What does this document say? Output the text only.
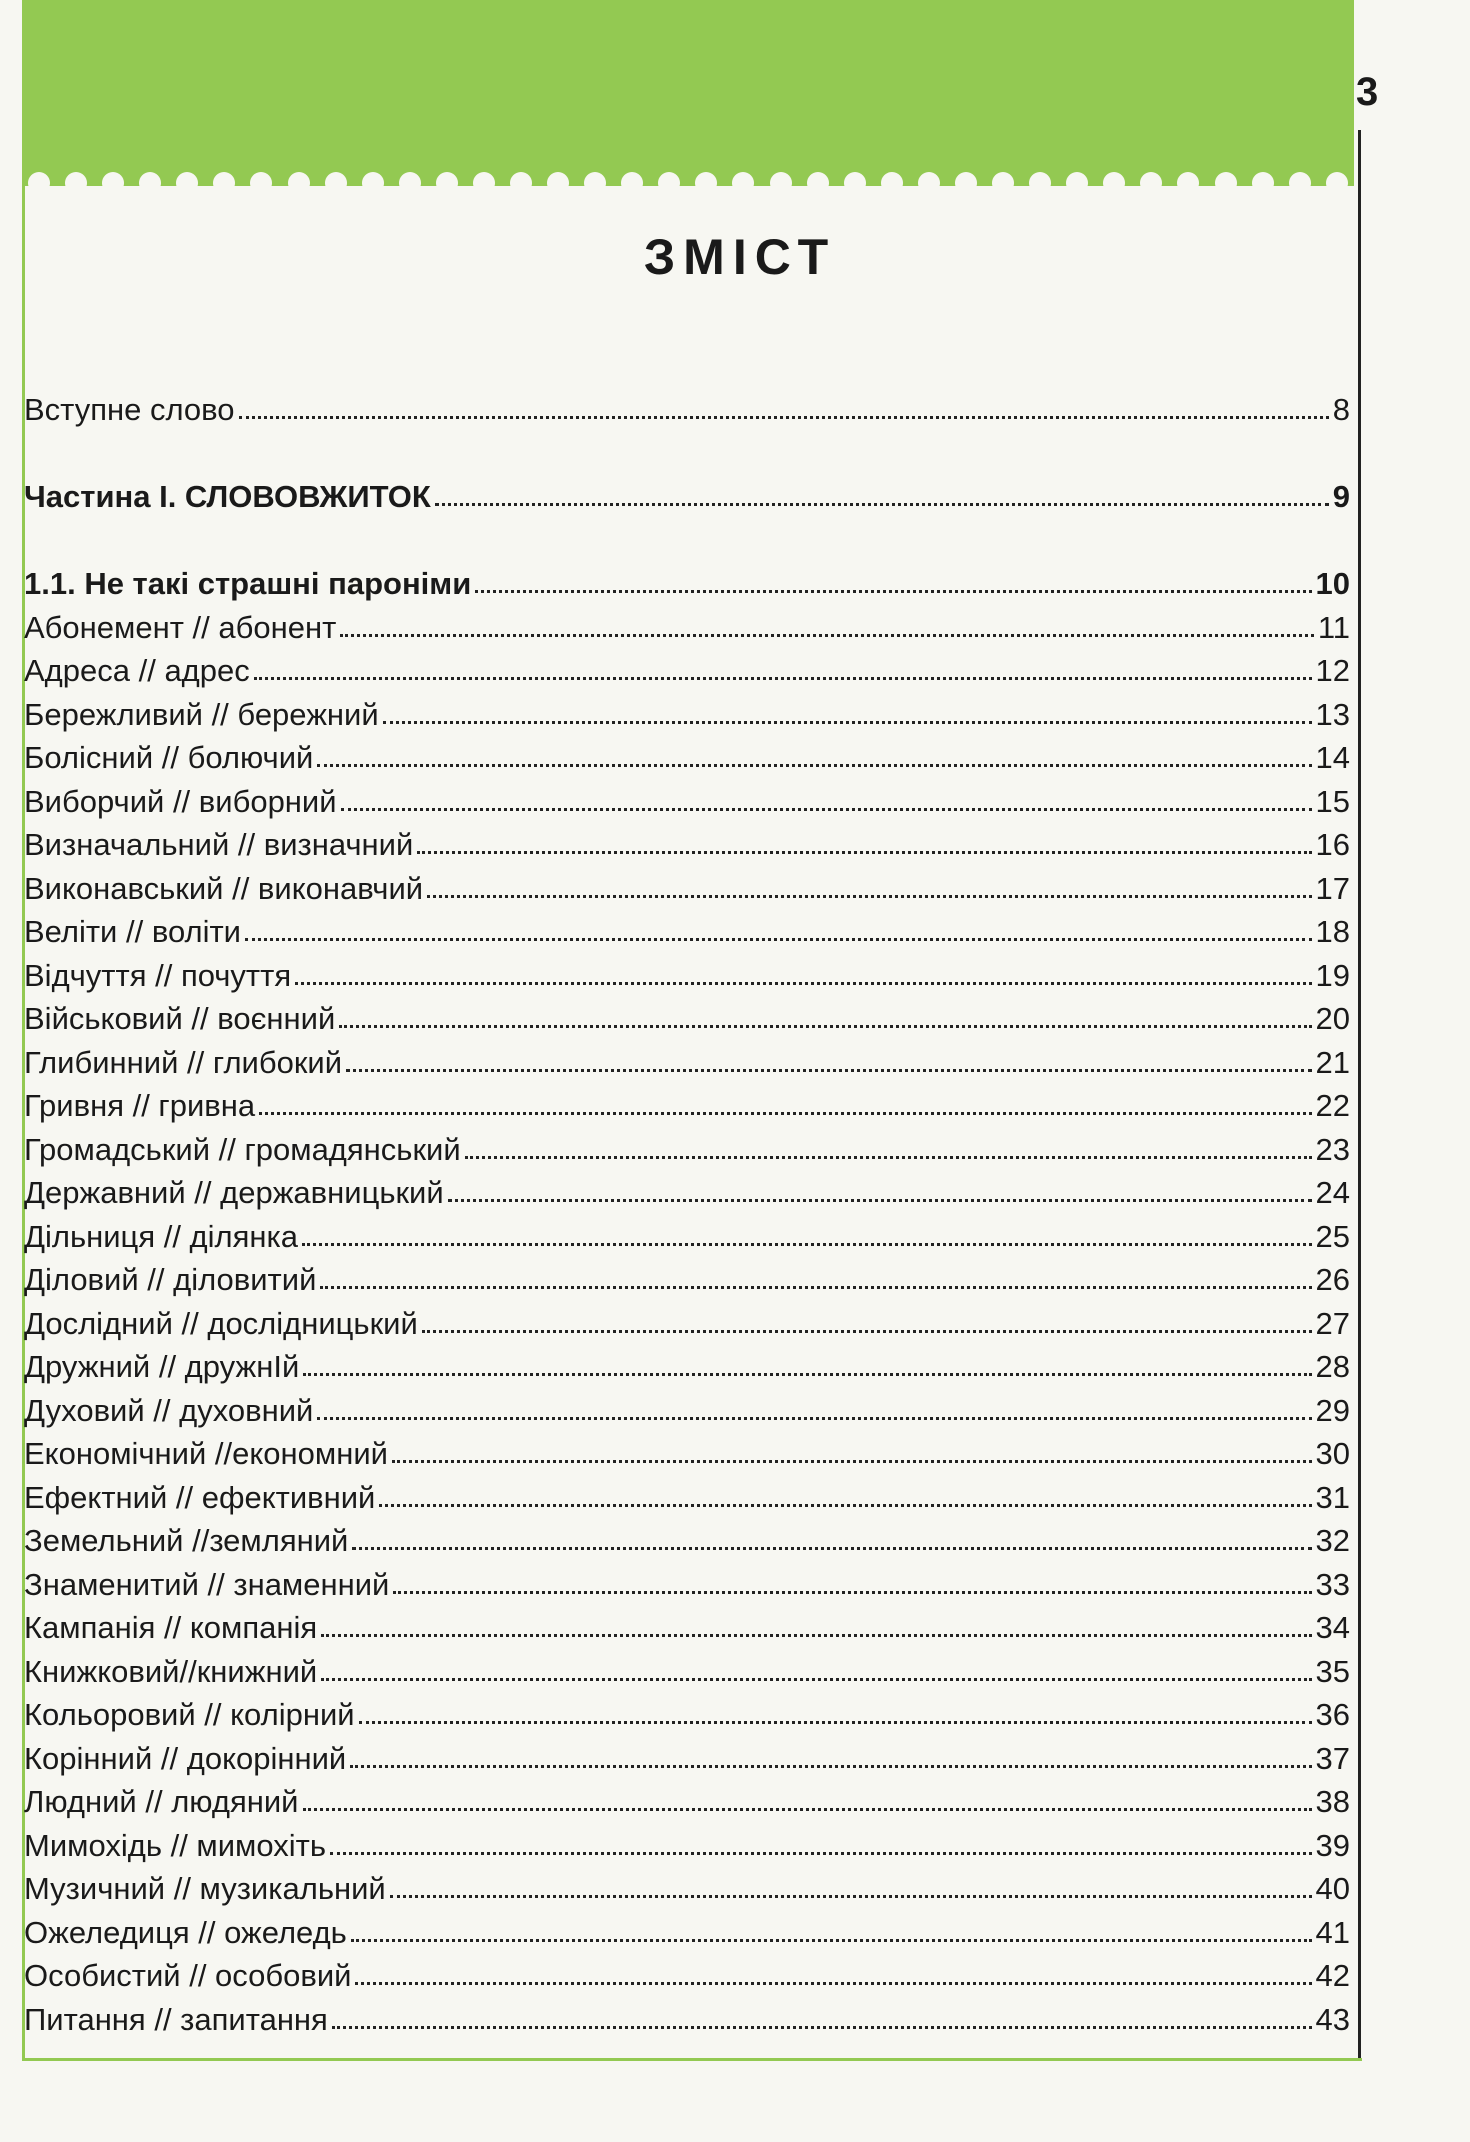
3
ЗМІСТ
Вступне слово	8
Частина І. СЛОВОВЖИТОК	9
1.1. Не такі страшні пароніми	10
Абонемент // абонент	11
Адреса // адрес	12
Бережливий // бережний	13
Болісний // болючий	14
Виборчий // виборний	15
Визначальний // визначний	16
Виконавський // виконавчий	17
Веліти // воліти	18
Відчуття // почуття	19
Військовий // воєнний	20
Глибинний // глибокий	21
Гривня // гривна	22
Громадський // громадянський	23
Державний // державницький	24
Дільниця // ділянка	25
Діловий // діловитий	26
Дослідний // дослідницький	27
Дружний // дружнІй	28
Духовий // духовний	29
Економічний //економний	30
Ефектний // ефективний	31
Земельний //земляний	32
Знаменитий // знаменний	33
Кампанія // компанія	34
Книжковий//книжний	35
Кольоровий // колірний	36
Корінний // докорінний	37
Людний // людяний	38
Мимохідь // мимохіть	39
Музичний // музикальний	40
Ожеледиця // ожеледь	41
Особистий // особовий	42
Питання // запитання	43
